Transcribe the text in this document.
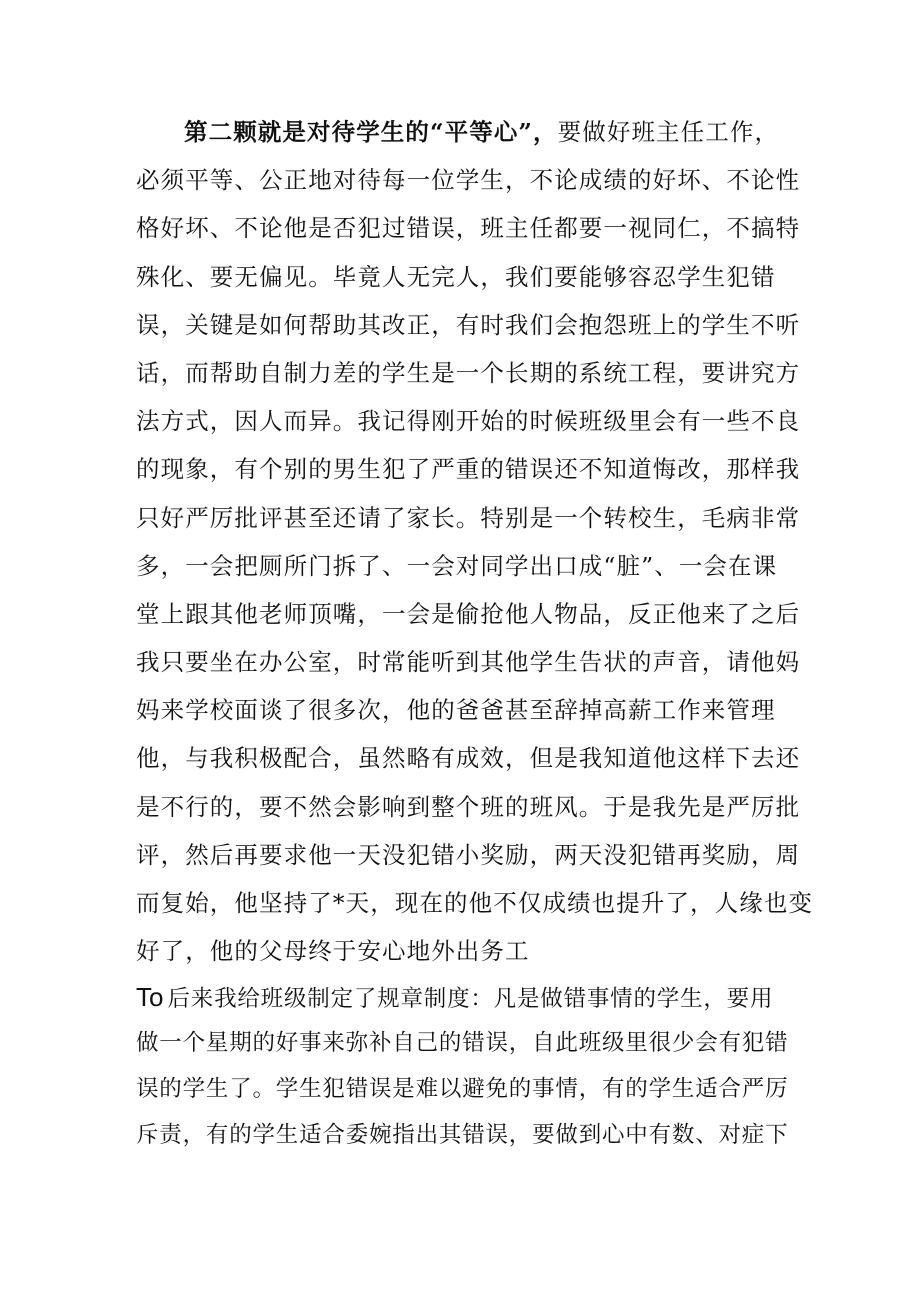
第二颗就是对待学生的“平等心”，要做好班主任工作，
必须平等、公正地对待每一位学生，不论成绩的好坏、不论性
格好坏、不论他是否犯过错误，班主任都要一视同仁，不搞特
殊化、要无偏见。毕竟人无完人，我们要能够容忍学生犯错
误，关键是如何帮助其改正，有时我们会抱怨班上的学生不听
话，而帮助自制力差的学生是一个长期的系统工程，要讲究方
法方式，因人而异。我记得刚开始的时候班级里会有一些不良
的现象，有个别的男生犯了严重的错误还不知道悔改，那样我
只好严厉批评甚至还请了家长。特别是一个转校生，毛病非常
多，一会把厕所门拆了、一会对同学出口成“脏”、一会在课
堂上跟其他老师顶嘴，一会是偷抢他人物品，反正他来了之后
我只要坐在办公室，时常能听到其他学生告状的声音，请他妈
妈来学校面谈了很多次，他的爸爸甚至辞掉高薪工作来管理
他，与我积极配合，虽然略有成效，但是我知道他这样下去还
是不行的，要不然会影响到整个班的班风。于是我先是严厉批
评，然后再要求他一天没犯错小奖励，两天没犯错再奖励，周
而复始，他坚持了*天，现在的他不仅成绩也提升了，人缘也变
好了，他的父母终于安心地外出务工
To 后来我给班级制定了规章制度：凡是做错事情的学生，要用
做一个星期的好事来弥补自己的错误，自此班级里很少会有犯错
误的学生了。学生犯错误是难以避免的事情，有的学生适合严厉
斥责，有的学生适合委婉指出其错误，要做到心中有数、对症下
